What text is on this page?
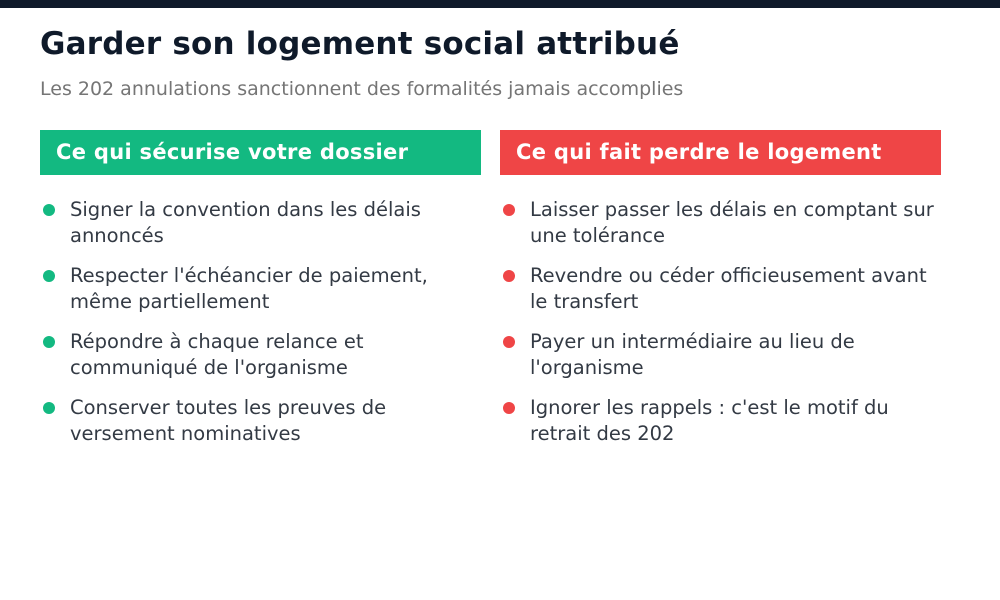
Garder son logement social attribué

Les 202 annulations sanctionnent des formalités jamais accomplies

Ce qui sécurise votre dossier
Signer la convention dans les délais annoncés
Respecter l'échéancier de paiement, même partiellement
Répondre à chaque relance et communiqué de l'organisme
Conserver toutes les preuves de versement nominatives
Ce qui fait perdre le logement
Laisser passer les délais en comptant sur une tolérance
Revendre ou céder officieusement avant le transfert
Payer un intermédiaire au lieu de l'organisme
Ignorer les rappels : c'est le motif du retrait des 202
